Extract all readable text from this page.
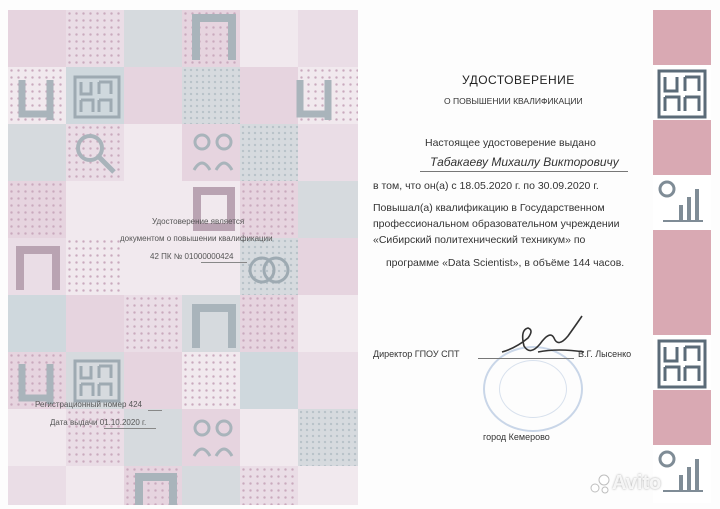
Удостоверение является
документом о повышении квалификации
42 ПК № 01000000424
Регистрационный номер 424
Дата выдачи 01.10.2020 г.
УДОСТОВЕРЕНИЕ
О ПОВЫШЕНИИ КВАЛИФИКАЦИИ
Настоящее удостоверение выдано
Табакаеву Михаилу Викторовичу
в том, что он(а) с 18.05.2020 г. по 30.09.2020 г.
Повышал(а) квалификацию в Государственном
профессиональном образовательном учреждении
«Сибирский политехнический техникум» по
программе «Data Scientist», в объёме 144 часов.
Директор ГПОУ СПТ	В.Г. Лысенко
город Кемерово
Avito
